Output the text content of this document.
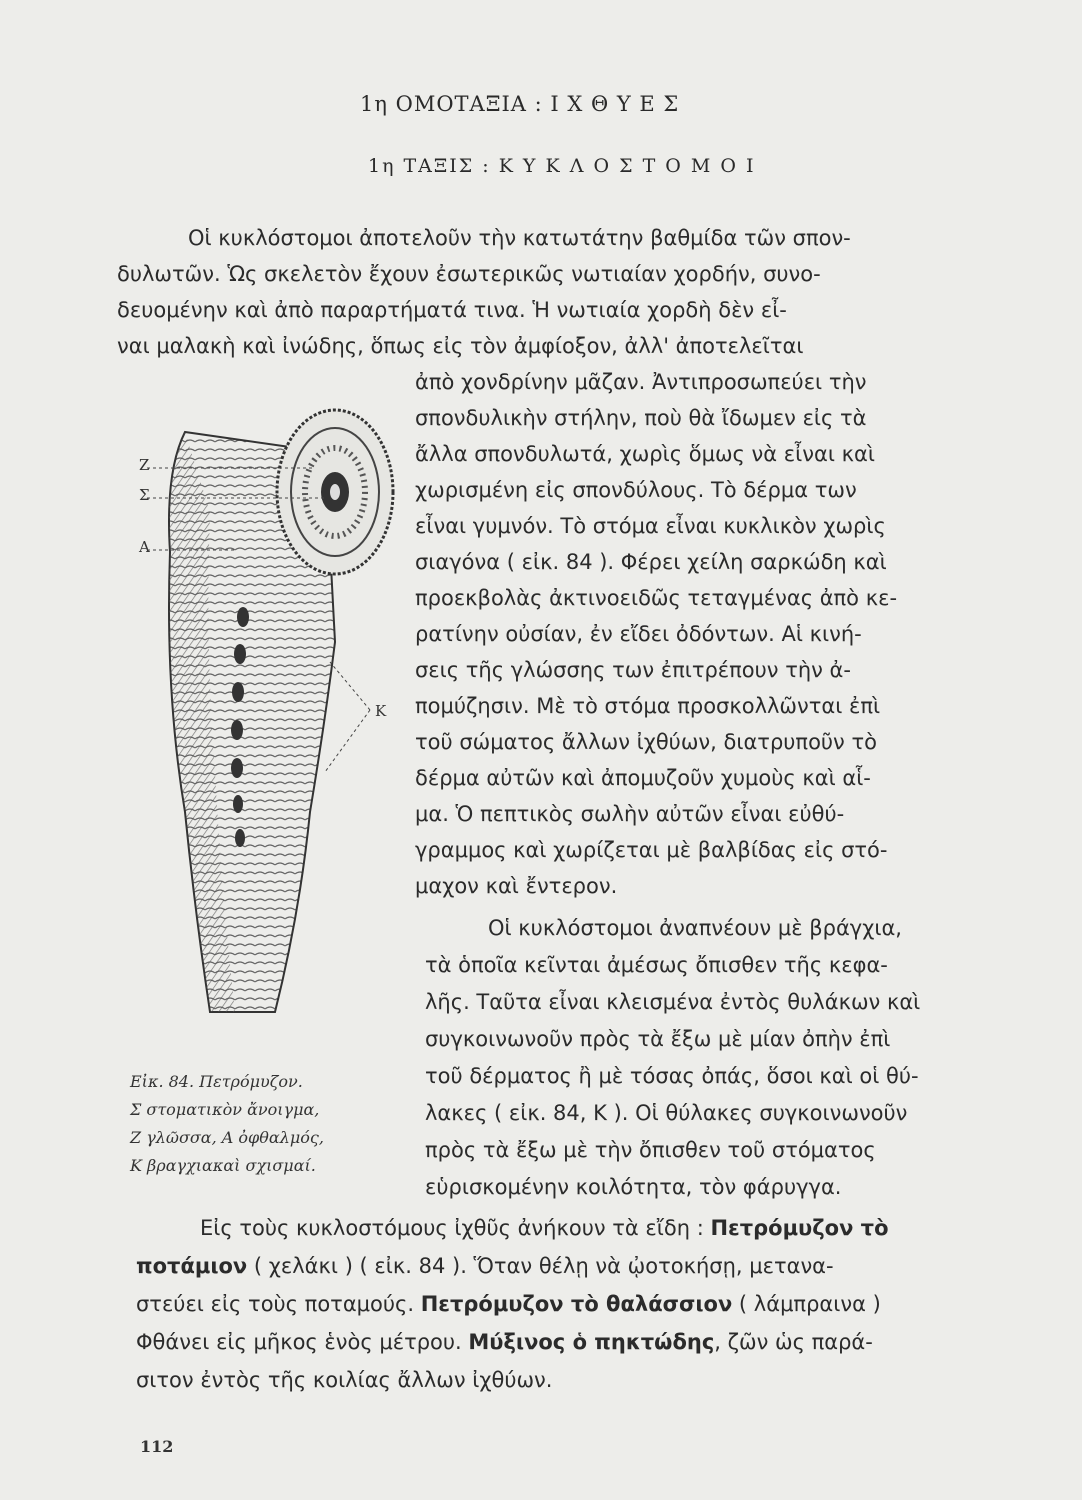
1η ΟΜΟΤΑΞΙΑ : Ι Χ Θ Υ Ε Σ
1η ΤΑΞΙΣ : Κ Υ Κ Λ Ο Σ Τ Ο Μ Ο Ι
Οἱ κυκλόστομοι ἀποτελοῦν τὴν κατωτάτην βαθμίδα τῶν σπον-
δυλωτῶν. Ὡς σκελετὸν ἔχουν ἐσωτερικῶς νωτιαίαν χορδήν, συνο-
δευομένην καὶ ἀπὸ παραρτήματά τινα. Ἡ νωτιαία χορδὴ δὲν εἶ-
ναι μαλακὴ καὶ ἰνώδης, ὅπως εἰς τὸν ἀμφίοξον, ἀλλ' ἀποτελεῖται
ἀπὸ χονδρίνην μᾶζαν. Ἀντιπροσωπεύει τὴν
σπονδυλικὴν στήλην, ποὺ θὰ ἴδωμεν εἰς τὰ
ἄλλα σπονδυλωτά, χωρὶς ὅμως νὰ εἶναι καὶ
χωρισμένη εἰς σπονδύλους. Τὸ δέρμα των
εἶναι γυμνόν. Τὸ στόμα εἶναι κυκλικὸν χωρὶς
σιαγόνα ( εἰκ. 84 ). Φέρει χείλη σαρκώδη καὶ
προεκβολὰς ἀκτινοειδῶς τεταγμένας ἀπὸ κε-
ρατίνην οὐσίαν, ἐν εἴδει ὀδόντων. Αἱ κινή-
σεις τῆς γλώσσης των ἐπιτρέπουν τὴν ἀ-
πομύζησιν. Μὲ τὸ στόμα προσκολλῶνται ἐπὶ
τοῦ σώματος ἄλλων ἰχθύων, διατρυποῦν τὸ
δέρμα αὐτῶν καὶ ἀπομυζοῦν χυμοὺς καὶ αἷ-
μα. Ὁ πεπτικὸς σωλὴν αὐτῶν εἶναι εὐθύ-
γραμμος καὶ χωρίζεται μὲ βαλβίδας εἰς στό-
μαχον καὶ ἔντερον.
Οἱ κυκλόστομοι ἀναπνέουν μὲ βράγχια,
τὰ ὁποῖα κεῖνται ἀμέσως ὄπισθεν τῆς κεφα-
λῆς. Ταῦτα εἶναι κλεισμένα ἐντὸς θυλάκων καὶ
συγκοινωνοῦν πρὸς τὰ ἔξω μὲ μίαν ὀπὴν ἐπὶ
τοῦ δέρματος ἢ μὲ τόσας ὀπάς, ὅσοι καὶ οἱ θύ-
λακες ( εἰκ. 84, Κ ). Οἱ θύλακες συγκοινωνοῦν
πρὸς τὰ ἔξω μὲ τὴν ὄπισθεν τοῦ στόματος
εὑρισκομένην κοιλότητα, τὸν φάρυγγα.
Εἰς τοὺς κυκλοστόμους ἰχθῦς ἀνήκουν τὰ εἴδη : Πετρόμυζον τὸ
ποτάμιον ( χελάκι ) ( εἰκ. 84 ). Ὅταν θέλῃ νὰ ᾠοτοκήσῃ, μετανα-
στεύει εἰς τοὺς ποταμούς. Πετρόμυζον τὸ θαλάσσιον ( λάμπραινα )
Φθάνει εἰς μῆκος ἑνὸς μέτρου. Μύξινος ὁ πηκτώδης, ζῶν ὡς παρά-
σιτον ἐντὸς τῆς κοιλίας ἄλλων ἰχθύων.
Ζ
Σ
Α
Κ
Εἰκ. 84. Πετρόμυζον.
Σ στοματικὸν ἄνοιγμα,
Ζ γλῶσσα, Α ὀφθαλμός,
Κ βραγχιακαὶ σχισμαί.
112
